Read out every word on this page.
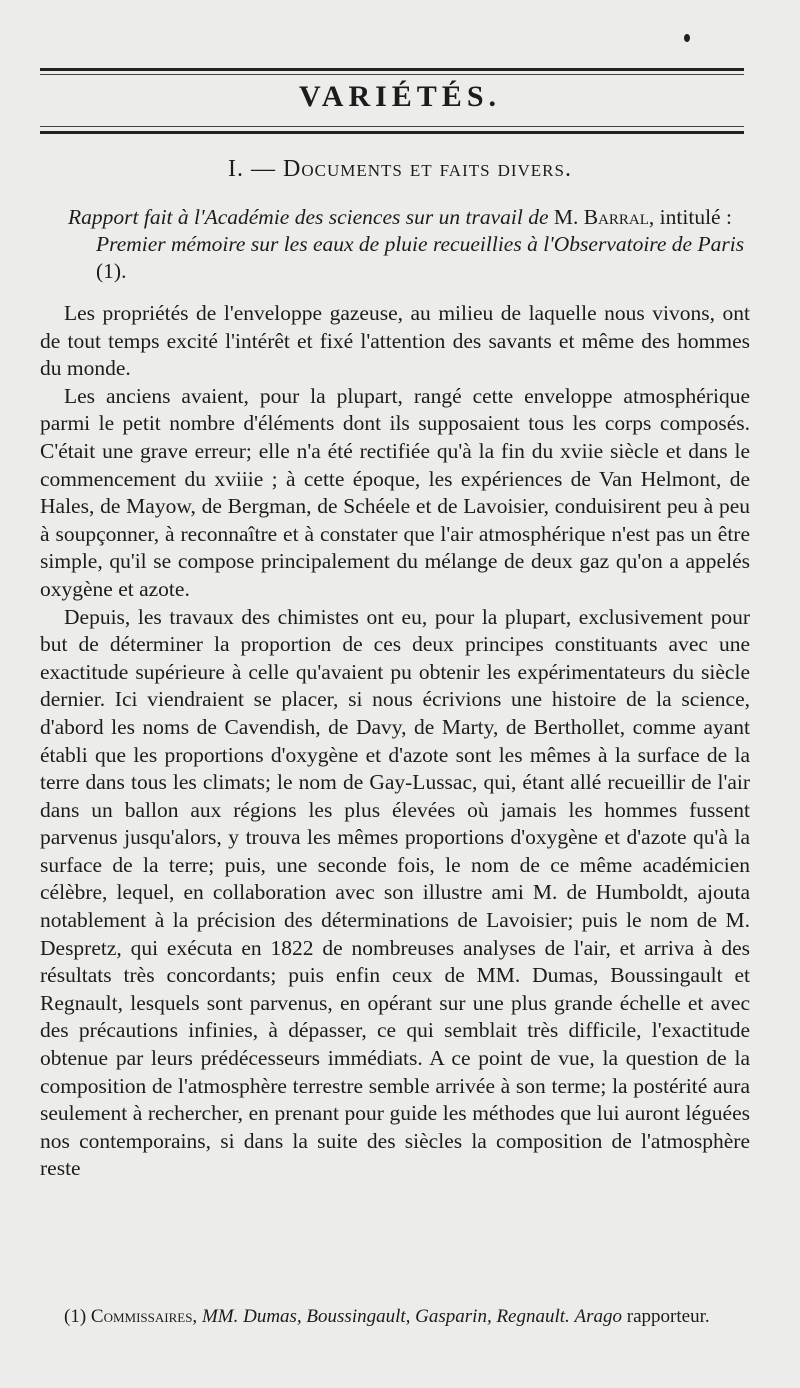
VARIÉTÉS.
I. — Documents et faits divers.
Rapport fait à l'Académie des sciences sur un travail de M. Barral, intitulé : Premier mémoire sur les eaux de pluie recueillies à l'Observatoire de Paris (1).

Les propriétés de l'enveloppe gazeuse, au milieu de laquelle nous vivons, ont de tout temps excité l'intérêt et fixé l'attention des savants et même des hommes du monde.

Les anciens avaient, pour la plupart, rangé cette enveloppe atmosphérique parmi le petit nombre d'éléments dont ils supposaient tous les corps composés. C'était une grave erreur; elle n'a été rectifiée qu'à la fin du xviie siècle et dans le commencement du xviiie ; à cette époque, les expériences de Van Helmont, de Hales, de Mayow, de Bergman, de Schéele et de Lavoisier, conduisirent peu à peu à soupçonner, à reconnaître et à constater que l'air atmosphérique n'est pas un être simple, qu'il se compose principalement du mélange de deux gaz qu'on a appelés oxygène et azote.

Depuis, les travaux des chimistes ont eu, pour la plupart, exclusivement pour but de déterminer la proportion de ces deux principes constituants avec une exactitude supérieure à celle qu'avaient pu obtenir les expérimentateurs du siècle dernier. Ici viendraient se placer, si nous écrivions une histoire de la science, d'abord les noms de Cavendish, de Davy, de Marty, de Berthollet, comme ayant établi que les proportions d'oxygène et d'azote sont les mêmes à la surface de la terre dans tous les climats; le nom de Gay-Lussac, qui, étant allé recueillir de l'air dans un ballon aux régions les plus élevées où jamais les hommes fussent parvenus jusqu'alors, y trouva les mêmes proportions d'oxygène et d'azote qu'à la surface de la terre; puis, une seconde fois, le nom de ce même académicien célèbre, lequel, en collaboration avec son illustre ami M. de Humboldt, ajouta notablement à la précision des déterminations de Lavoisier; puis le nom de M. Despretz, qui exécuta en 1822 de nombreuses analyses de l'air, et arriva à des résultats très concordants; puis enfin ceux de MM. Dumas, Boussingault et Regnault, lesquels sont parvenus, en opérant sur une plus grande échelle et avec des précautions infinies, à dépasser, ce qui semblait très difficile, l'exactitude obtenue par leurs prédécesseurs immédiats. A ce point de vue, la question de la composition de l'atmosphère terrestre semble arrivée à son terme; la postérité aura seulement à rechercher, en prenant pour guide les méthodes que lui auront léguées nos contemporains, si dans la suite des siècles la composition de l'atmosphère reste

(1) Commissaires, MM. Dumas, Boussingault, Gasparin, Regnault. Arago rapporteur.
